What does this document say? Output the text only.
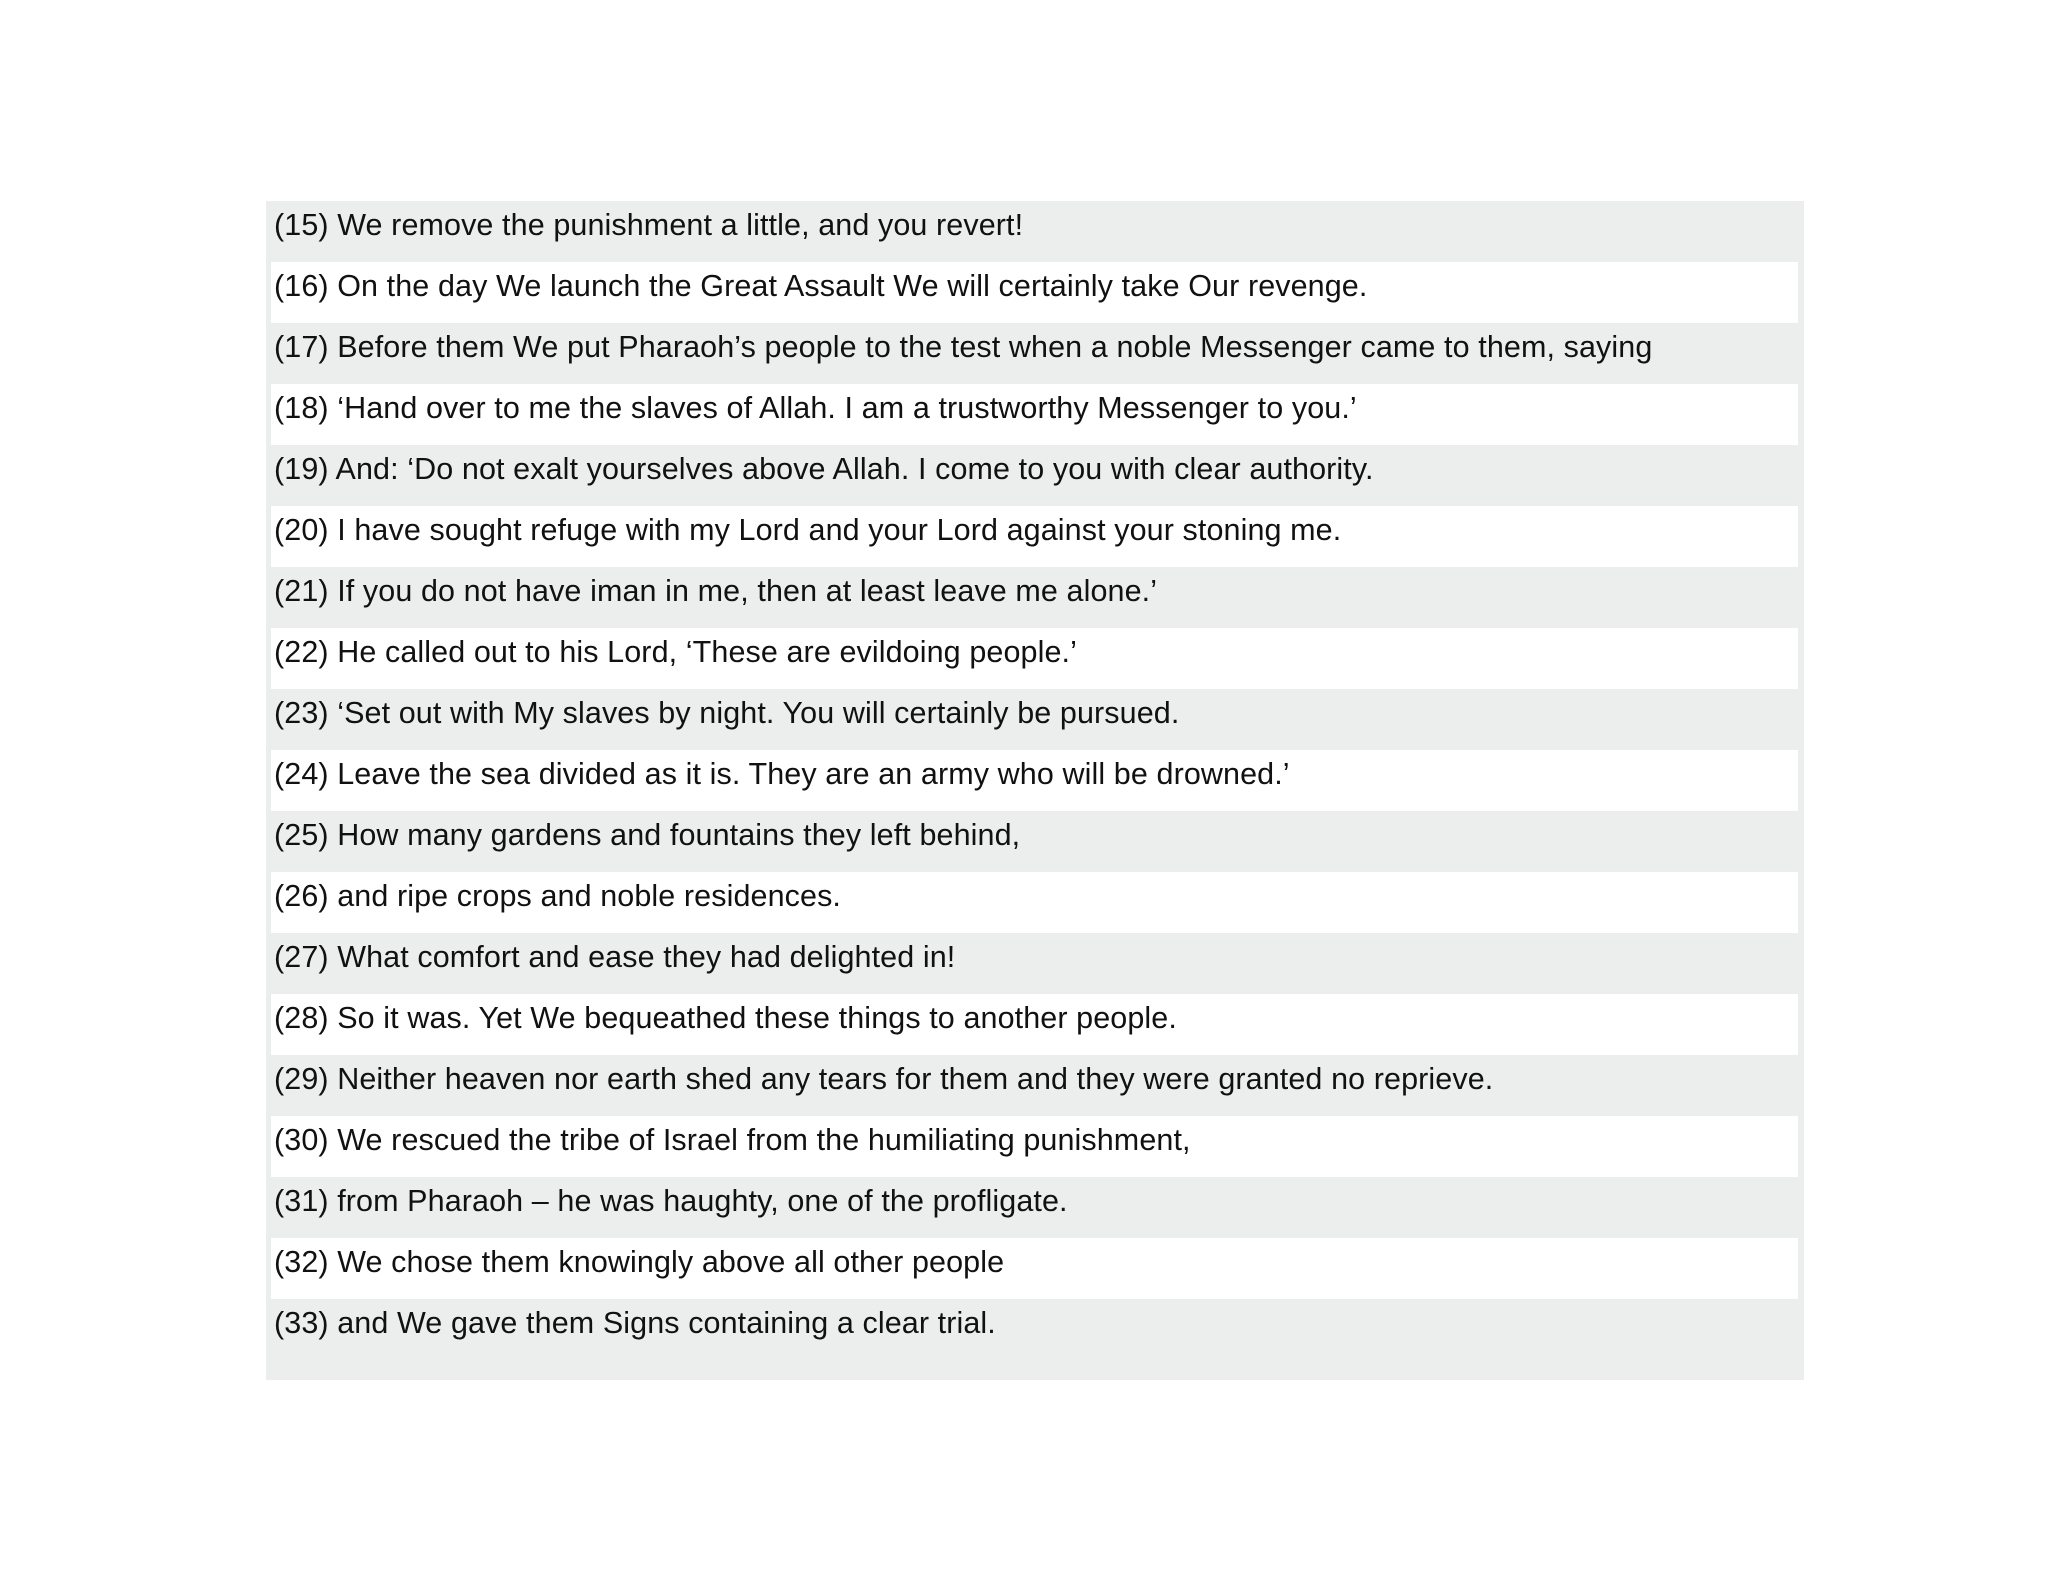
(15) We remove the punishment a little, and you revert!
(16) On the day We launch the Great Assault We will certainly take Our revenge.
(17) Before them We put Pharaoh’s people to the test when a noble Messenger came to them, saying
(18) ‘Hand over to me the slaves of Allah. I am a trustworthy Messenger to you.’
(19) And: ‘Do not exalt yourselves above Allah. I come to you with clear authority.
(20) I have sought refuge with my Lord and your Lord against your stoning me.
(21) If you do not have iman in me, then at least leave me alone.’
(22) He called out to his Lord, ‘These are evildoing people.’
(23) ‘Set out with My slaves by night. You will certainly be pursued.
(24) Leave the sea divided as it is. They are an army who will be drowned.’
(25) How many gardens and fountains they left behind,
(26) and ripe crops and noble residences.
(27) What comfort and ease they had delighted in!
(28) So it was. Yet We bequeathed these things to another people.
(29) Neither heaven nor earth shed any tears for them and they were granted no reprieve.
(30) We rescued the tribe of Israel from the humiliating punishment,
(31) from Pharaoh – he was haughty, one of the profligate.
(32) We chose them knowingly above all other people
(33) and We gave them Signs containing a clear trial.
